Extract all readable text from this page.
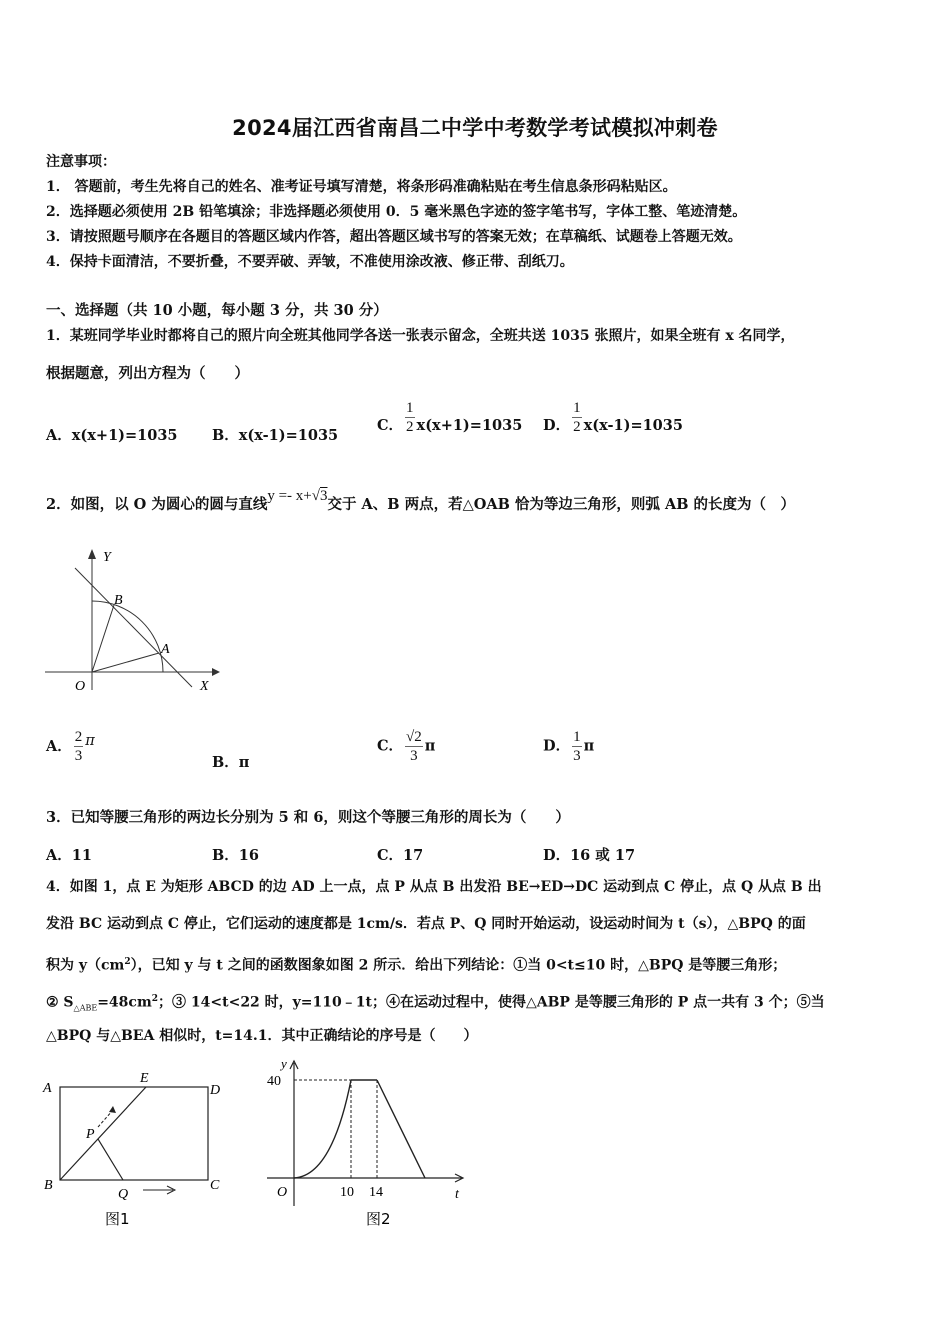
2024届江西省南昌二中学中考数学考试模拟冲刺卷
注意事项：
1． 答题前，考生先将自己的姓名、准考证号填写清楚，将条形码准确粘贴在考生信息条形码粘贴区。
2．选择题必须使用 2B 铅笔填涂；非选择题必须使用 0．5 毫米黑色字迹的签字笔书写，字体工整、笔迹清楚。
3．请按照题号顺序在各题目的答题区域内作答，超出答题区域书写的答案无效；在草稿纸、试题卷上答题无效。
4．保持卡面清洁，不要折叠，不要弄破、弄皱，不准使用涂改液、修正带、刮纸刀。
一、选择题（共 10 小题，每小题 3 分，共 30 分）
1．某班同学毕业时都将自己的照片向全班其他同学各送一张表示留念，全班共送 1035 张照片，如果全班有 x 名同学，
根据题意，列出方程为（　　）
A．x(x+1)=1035 B．x(x-1)=1035
C． $\frac{1}{2} x(x+1)=1035$ D． $\frac{1}{2} x(x-1)=1035$
2．如图，以 O 为圆心的圆与直线y =- x+√3交于 A、B 两点，若△OAB 恰为等边三角形，则弧 AB 的长度为（　）
Y
X
O
B
A
A． $\frac{2}{3}$ π
B．π
C． $\frac{√2}{3}$ π	D． $\frac{1}{3}$ π
3．已知等腰三角形的两边长分别为 5 和 6，则这个等腰三角形的周长为（　　）
A．11	B．16	C．17	D．16 或 17
4．如图 1，点 E 为矩形 ABCD 的边 AD 上一点，点 P 从点 B 出发沿 BE→ED→DC 运动到点 C 停止，点 Q 从点 B 出
发沿 BC 运动到点 C 停止，它们运动的速度都是 1cm/s．若点 P、Q 同时开始运动，设运动时间为 t（s），△BPQ 的面
积为 $y(cm^2)$，已知 y 与 t 之间的函数图象如图 2 所示．给出下列结论：①当 0<t≤10 时，△BPQ 是等腰三角形；
② $S_{\triangle ABE}=48cm^2$；③ 14<t<22 时，y=110﹣1t；④在运动过程中，使得△ABP 是等腰三角形的 P 点一共有 3 个；⑤当
△BPQ 与△BEA 相似时，t=14.1．其中正确结论的序号是（　　）
A
E
D
P
B
Q
C
图1
y
40
O	10 14	t
图2
